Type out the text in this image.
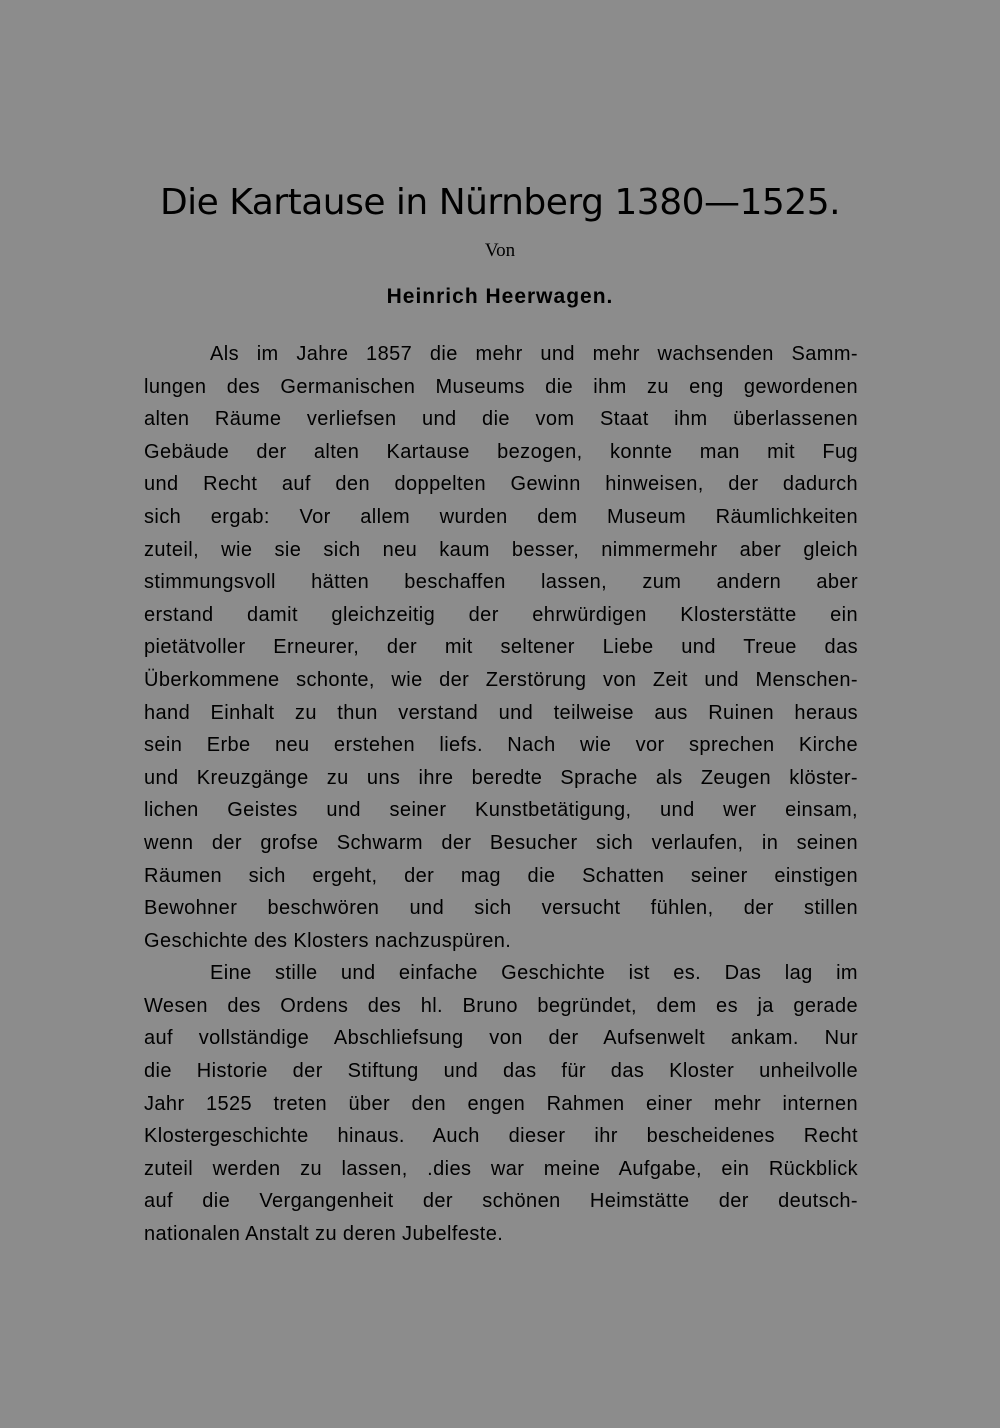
Die Kartause in Nürnberg 1380—1525.
Von
Heinrich Heerwagen.
Als im Jahre 1857 die mehr und mehr wachsenden Samm-
lungen des Germanischen Museums die ihm zu eng gewordenen
alten Räume verliefsen und die vom Staat ihm überlassenen
Gebäude der alten Kartause bezogen, konnte man mit Fug
und Recht auf den doppelten Gewinn hinweisen, der dadurch
sich ergab: Vor allem wurden dem Museum Räumlichkeiten
zuteil, wie sie sich neu kaum besser, nimmermehr aber gleich
stimmungsvoll hätten beschaffen lassen, zum andern aber
erstand damit gleichzeitig der ehrwürdigen Klosterstätte ein
pietätvoller Erneurer, der mit seltener Liebe und Treue das
Überkommene schonte, wie der Zerstörung von Zeit und Menschen-
hand Einhalt zu thun verstand und teilweise aus Ruinen heraus
sein Erbe neu erstehen liefs. Nach wie vor sprechen Kirche
und Kreuzgänge zu uns ihre beredte Sprache als Zeugen klöster-
lichen Geistes und seiner Kunstbetätigung, und wer einsam,
wenn der grofse Schwarm der Besucher sich verlaufen, in seinen
Räumen sich ergeht, der mag die Schatten seiner einstigen
Bewohner beschwören und sich versucht fühlen, der stillen
Geschichte des Klosters nachzuspüren.
Eine stille und einfache Geschichte ist es. Das lag im
Wesen des Ordens des hl. Bruno begründet, dem es ja gerade
auf vollständige Abschliefsung von der Aufsenwelt ankam. Nur
die Historie der Stiftung und das für das Kloster unheilvolle
Jahr 1525 treten über den engen Rahmen einer mehr internen
Klostergeschichte hinaus. Auch dieser ihr bescheidenes Recht
zuteil werden zu lassen, .dies war meine Aufgabe, ein Rückblick
auf die Vergangenheit der schönen Heimstätte der deutsch-
nationalen Anstalt zu deren Jubelfeste.
